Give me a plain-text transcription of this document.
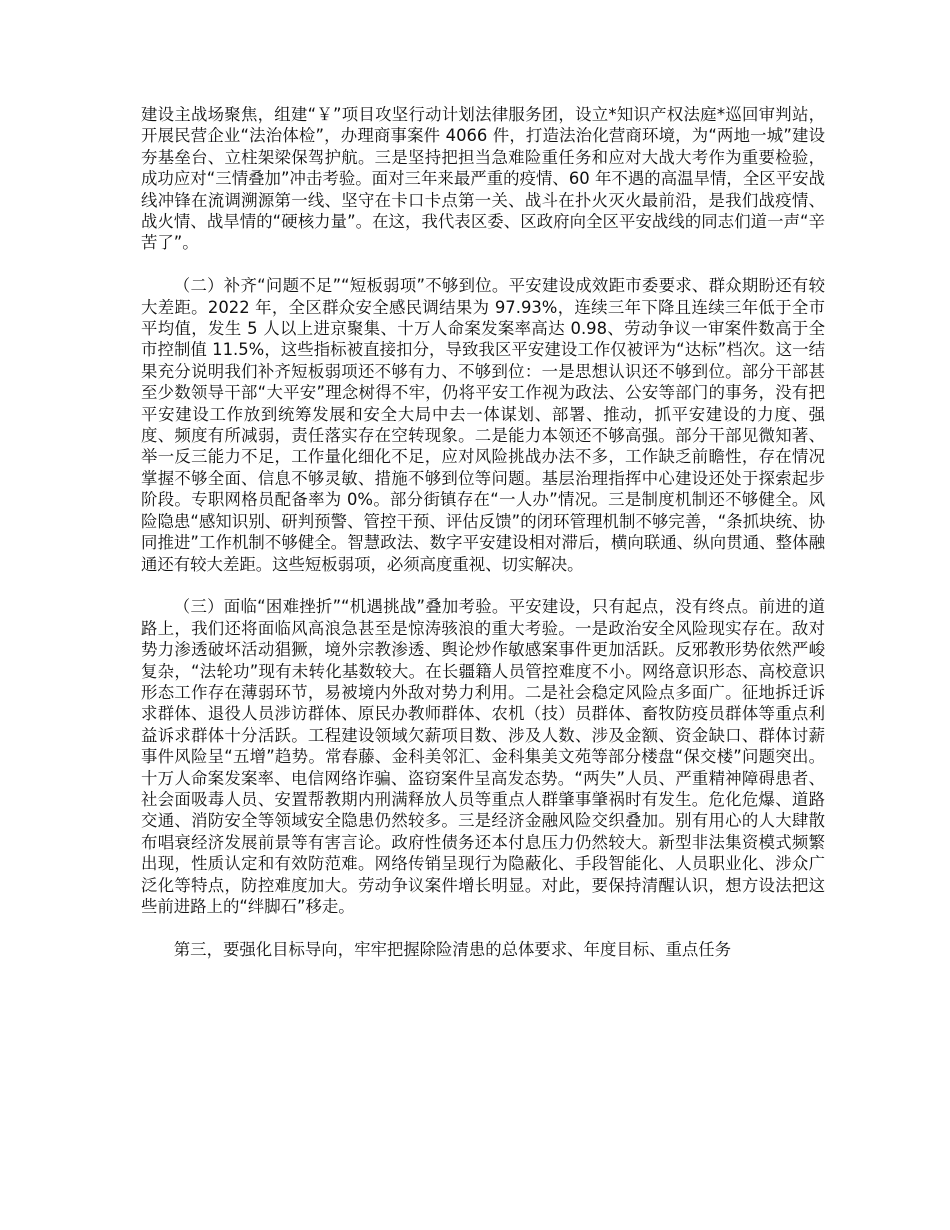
建设主战场聚焦，组建“￥”项目攻坚行动计划法律服务团，设立*知识产权法庭*巡回审判站，开展民营企业“法治体检”，办理商事案件 4066 件，打造法治化营商环境，为“两地一城”建设夯基垒台、立柱架梁保驾护航。三是坚持把担当急难险重任务和应对大战大考作为重要检验，成功应对“三情叠加”冲击考验。面对三年来最严重的疫情、60 年不遇的高温旱情，全区平安战线冲锋在流调溯源第一线、坚守在卡口卡点第一关、战斗在扑火灭火最前沿，是我们战疫情、战火情、战旱情的“硬核力量”。在这，我代表区委、区政府向全区平安战线的同志们道一声“辛苦了”。

（二）补齐“问题不足”“短板弱项”不够到位。平安建设成效距市委要求、群众期盼还有较大差距。2022 年，全区群众安全感民调结果为 97.93%，连续三年下降且连续三年低于全市平均值，发生 5 人以上进京聚集、十万人命案发案率高达 0.98、劳动争议一审案件数高于全市控制值 11.5%，这些指标被直接扣分，导致我区平安建设工作仅被评为“达标”档次。这一结果充分说明我们补齐短板弱项还不够有力、不够到位：一是思想认识还不够到位。部分干部甚至少数领导干部“大平安”理念树得不牢，仍将平安工作视为政法、公安等部门的事务，没有把平安建设工作放到统筹发展和安全大局中去一体谋划、部署、推动，抓平安建设的力度、强度、频度有所减弱，责任落实存在空转现象。二是能力本领还不够高强。部分干部见微知著、举一反三能力不足，工作量化细化不足，应对风险挑战办法不多，工作缺乏前瞻性，存在情况掌握不够全面、信息不够灵敏、措施不够到位等问题。基层治理指挥中心建设还处于探索起步阶段。专职网格员配备率为 0%。部分街镇存在“一人办”情况。三是制度机制还不够健全。风险隐患“感知识别、研判预警、管控干预、评估反馈”的闭环管理机制不够完善，“条抓块统、协同推进”工作机制不够健全。智慧政法、数字平安建设相对滞后，横向联通、纵向贯通、整体融通还有较大差距。这些短板弱项，必须高度重视、切实解决。

（三）面临“困难挫折”“机遇挑战”叠加考验。平安建设，只有起点，没有终点。前进的道路上，我们还将面临风高浪急甚至是惊涛骇浪的重大考验。一是政治安全风险现实存在。敌对势力渗透破坏活动猖獗，境外宗教渗透、舆论炒作敏感案事件更加活跃。反邪教形势依然严峻复杂，“法轮功”现有未转化基数较大。在长疆籍人员管控难度不小。网络意识形态、高校意识形态工作存在薄弱环节，易被境内外敌对势力利用。二是社会稳定风险点多面广。征地拆迁诉求群体、退役人员涉访群体、原民办教师群体、农机（技）员群体、畜牧防疫员群体等重点利益诉求群体十分活跃。工程建设领域欠薪项目数、涉及人数、涉及金额、资金缺口、群体讨薪事件风险呈“五增”趋势。常春藤、金科美邻汇、金科集美文苑等部分楼盘“保交楼”问题突出。十万人命案发案率、电信网络诈骗、盗窃案件呈高发态势。“两失”人员、严重精神障碍患者、社会面吸毒人员、安置帮教期内刑满释放人员等重点人群肇事肇祸时有发生。危化危爆、道路交通、消防安全等领域安全隐患仍然较多。三是经济金融风险交织叠加。别有用心的人大肆散布唱衰经济发展前景等有害言论。政府性债务还本付息压力仍然较大。新型非法集资模式频繁出现，性质认定和有效防范难。网络传销呈现行为隐蔽化、手段智能化、人员职业化、涉众广泛化等特点，防控难度加大。劳动争议案件增长明显。对此，要保持清醒认识，想方设法把这些前进路上的“绊脚石”移走。

第三，要强化目标导向，牢牢把握除险清患的总体要求、年度目标、重点任务
